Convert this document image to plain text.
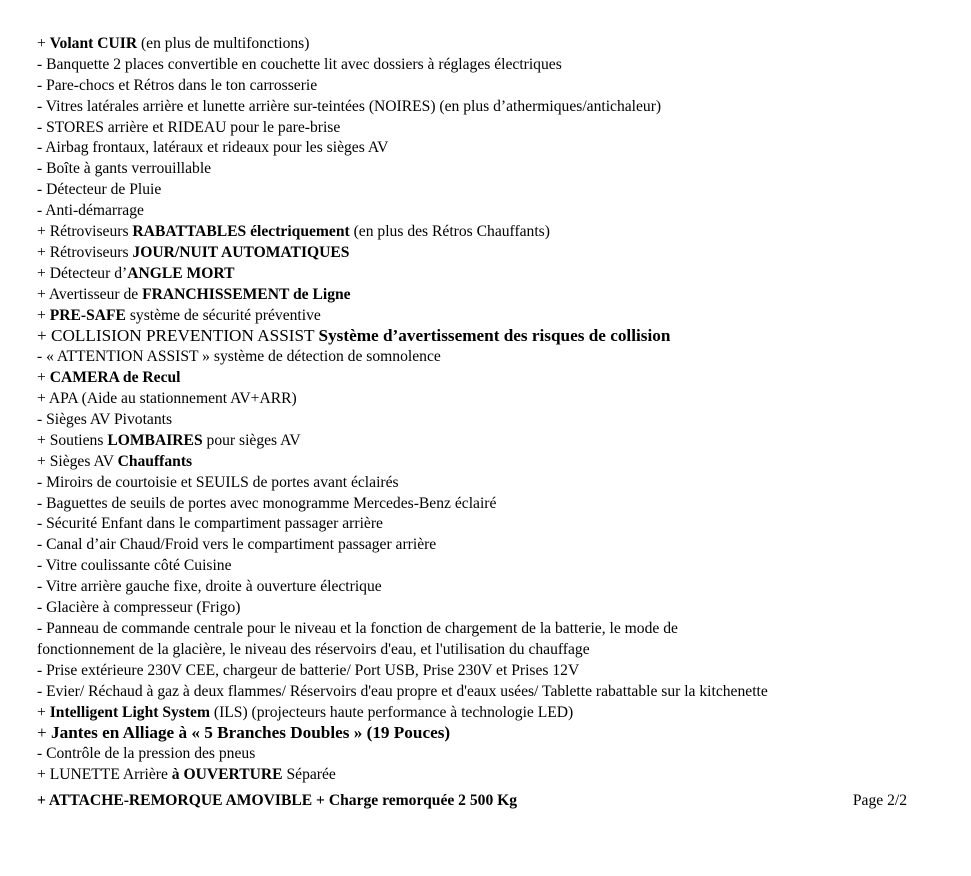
+ Volant CUIR (en plus de multifonctions)
- Banquette 2 places convertible en couchette lit avec dossiers à réglages électriques
- Pare-chocs et Rétros dans le ton carrosserie
- Vitres latérales arrière et lunette arrière sur-teintées (NOIRES) (en plus d’athermiques/antichaleur)
- STORES arrière et RIDEAU pour le pare-brise
- Airbag frontaux, latéraux et rideaux pour les sièges AV
- Boîte à gants verrouillable
- Détecteur de Pluie
- Anti-démarrage
+ Rétroviseurs RABATTABLES électriquement (en plus des Rétros Chauffants)
+ Rétroviseurs JOUR/NUIT AUTOMATIQUES
+ Détecteur d’ANGLE MORT
+ Avertisseur de FRANCHISSEMENT de Ligne
+ PRE-SAFE système de sécurité préventive
+ COLLISION PREVENTION ASSIST Système d’avertissement des risques de collision
- « ATTENTION ASSIST » système de détection de somnolence
+ CAMERA de Recul
+ APA (Aide au stationnement AV+ARR)
- Sièges AV Pivotants
+ Soutiens LOMBAIRES pour sièges AV
+ Sièges AV Chauffants
- Miroirs de courtoisie et SEUILS de portes avant éclairés
- Baguettes de seuils de portes avec monogramme Mercedes-Benz éclairé
- Sécurité Enfant dans le compartiment passager arrière
- Canal d’air Chaud/Froid vers le compartiment passager arrière
- Vitre coulissante côté Cuisine
- Vitre arrière gauche fixe, droite à ouverture électrique
- Glacière à compresseur (Frigo)
- Panneau de commande centrale pour le niveau et la fonction de chargement de la batterie, le mode de
fonctionnement de la glacière, le niveau des réservoirs d'eau, et l'utilisation du chauffage
- Prise extérieure 230V CEE, chargeur de batterie/ Port USB, Prise 230V et Prises 12V
- Evier/ Réchaud à gaz à deux flammes/ Réservoirs d'eau propre et d'eaux usées/ Tablette rabattable sur la kitchenette
+ Intelligent Light System (ILS) (projecteurs haute performance à technologie LED)
+ Jantes en Alliage à « 5 Branches Doubles » (19 Pouces)
- Contrôle de la pression des pneus
+ LUNETTE Arrière à OUVERTURE Séparée
+ ATTACHE-REMORQUE AMOVIBLE + Charge remorquée 2 500 Kg	Page 2/2
